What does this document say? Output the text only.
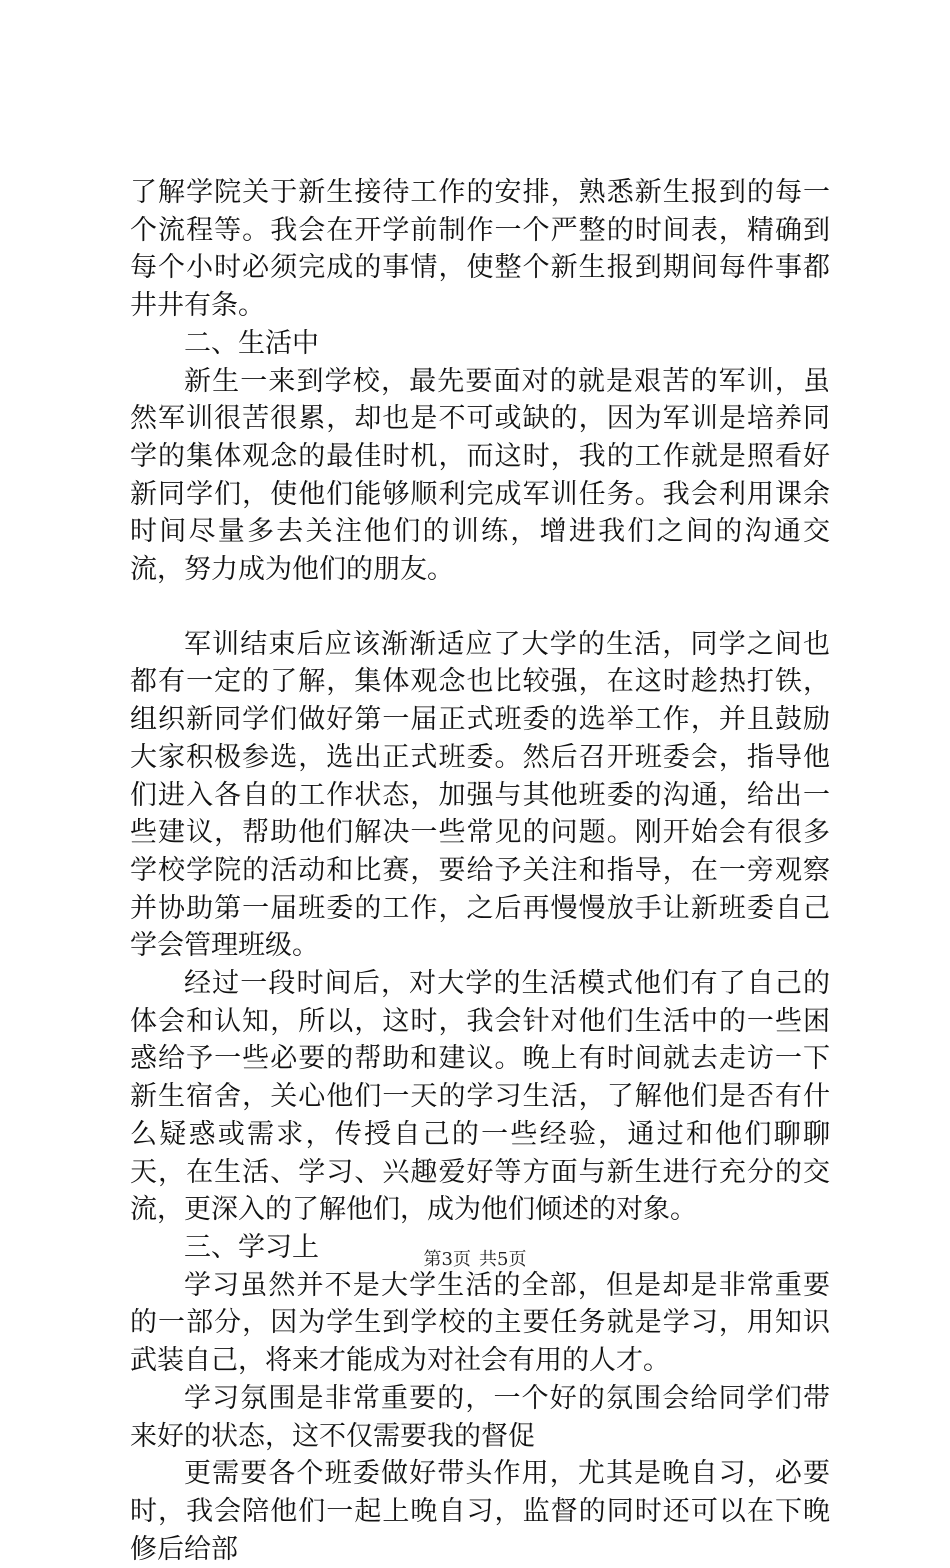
了解学院关于新生接待工作的安排，熟悉新生报到的每一个流程等。我会在开学前制作一个严整的时间表，精确到每个小时必须完成的事情，使整个新生报到期间每件事都井井有条。

二、生活中

新生一来到学校，最先要面对的就是艰苦的军训，虽然军训很苦很累，却也是不可或缺的，因为军训是培养同学的集体观念的最佳时机，而这时，我的工作就是照看好新同学们，使他们能够顺利完成军训任务。我会利用课余时间尽量多去关注他们的训练，增进我们之间的沟通交流，努力成为他们的朋友。

军训结束后应该渐渐适应了大学的生活，同学之间也都有一定的了解，集体观念也比较强，在这时趁热打铁，组织新同学们做好第一届正式班委的选举工作，并且鼓励大家积极参选，选出正式班委。然后召开班委会，指导他们进入各自的工作状态，加强与其他班委的沟通，给出一些建议，帮助他们解决一些常见的问题。刚开始会有很多学校学院的活动和比赛，要给予关注和指导，在一旁观察并协助第一届班委的工作，之后再慢慢放手让新班委自己学会管理班级。

经过一段时间后，对大学的生活模式他们有了自己的体会和认知，所以，这时，我会针对他们生活中的一些困惑给予一些必要的帮助和建议。晚上有时间就去走访一下新生宿舍，关心他们一天的学习生活，了解他们是否有什么疑惑或需求，传授自己的一些经验，通过和他们聊聊天，在生活、学习、兴趣爱好等方面与新生进行充分的交流，更深入的了解他们，成为他们倾述的对象。

三、学习上

学习虽然并不是大学生活的全部，但是却是非常重要的一部分，因为学生到学校的主要任务就是学习，用知识武装自己，将来才能成为对社会有用的人才。

学习氛围是非常重要的，一个好的氛围会给同学们带来好的状态，这不仅需要我的督促

更需要各个班委做好带头作用，尤其是晚自习，必要时，我会陪他们一起上晚自习，监督的同时还可以在下晚修后给部

第3页 共5页
